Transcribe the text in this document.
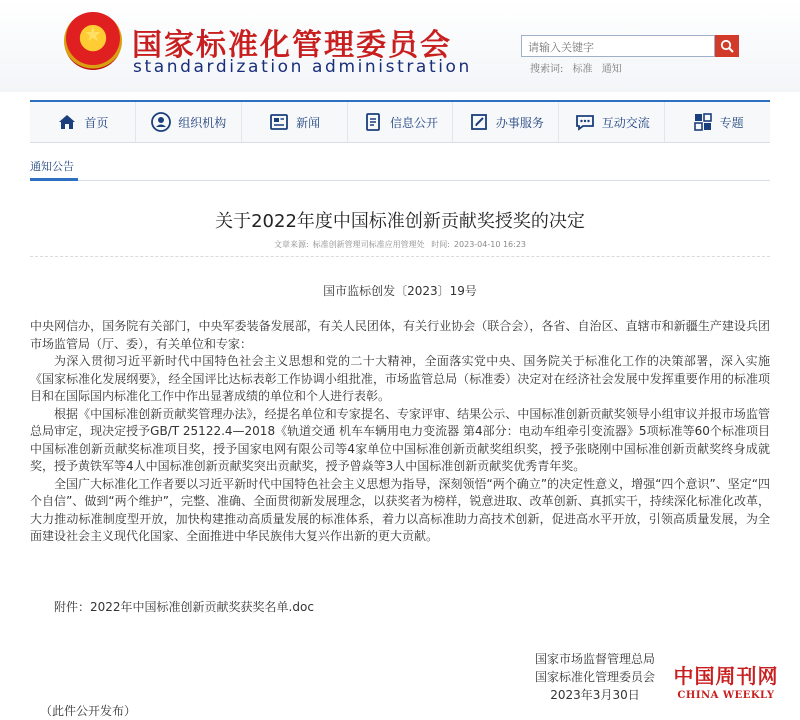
★	国家标准化管理委员会
standardization administration
请输入关键字	搜索词: 标准 通知
首页	组织机构	新闻	信息公开	办事服务	互动交流	专题
通知公告
关于2022年度中国标准创新贡献奖授奖的决定
文章来源: 标准创新管理司标准应用管理处 时间: 2023-04-10 16:23
国市监标创发〔2023〕19号

中央网信办，国务院有关部门，中央军委装备发展部，有关人民团体，有关行业协会（联合会），各省、自治区、直辖市和新疆生产建设兵团市场监管局（厅、委），有关单位和专家：

为深入贯彻习近平新时代中国特色社会主义思想和党的二十大精神，全面落实党中央、国务院关于标准化工作的决策部署，深入实施《国家标准化发展纲要》，经全国评比达标表彰工作协调小组批准，市场监管总局（标准委）决定对在经济社会发展中发挥重要作用的标准项目和在国际国内标准化工作中作出显著成绩的单位和个人进行表彰。

根据《中国标准创新贡献奖管理办法》，经提名单位和专家提名、专家评审、结果公示、中国标准创新贡献奖领导小组审议并报市场监管总局审定，现决定授予GB/T 25122.4—2018《轨道交通 机车车辆用电力变流器 第4部分：电动车组牵引变流器》5项标准等60个标准项目中国标准创新贡献奖标准项目奖，授予国家电网有限公司等4家单位中国标准创新贡献奖组织奖，授予张晓刚中国标准创新贡献奖终身成就奖，授予黄铁军等4人中国标准创新贡献奖突出贡献奖，授予曾焱等3人中国标准创新贡献奖优秀青年奖。

全国广大标准化工作者要以习近平新时代中国特色社会主义思想为指导，深刻领悟“两个确立”的决定性意义，增强“四个意识”、坚定“四个自信”、做到“两个维护”，完整、准确、全面贯彻新发展理念，以获奖者为榜样，锐意进取、改革创新、真抓实干，持续深化标准化改革，大力推动标准制度型开放，加快构建推动高质量发展的标准体系，着力以高标准助力高技术创新，促进高水平开放，引领高质量发展，为全面建设社会主义现代化国家、全面推进中华民族伟大复兴作出新的更大贡献。

附件：2022年中国标准创新贡献奖获奖名单.doc
国家市场监督管理总局
国家标准化管理委员会
2023年3月30日
（此件公开发布）
中国周刊网
CHINA WEEKLY
